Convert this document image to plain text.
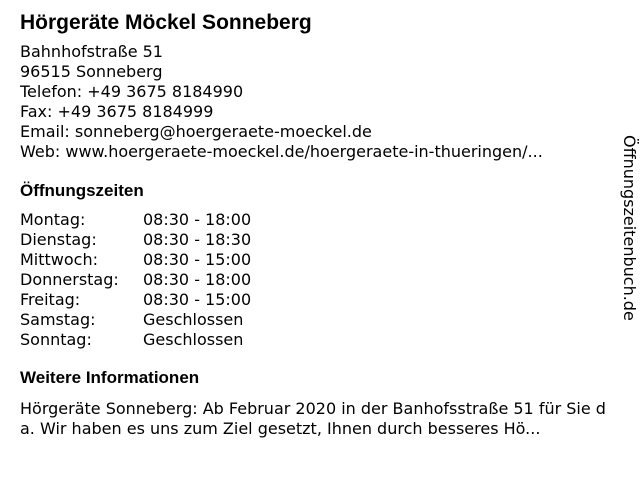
Hörgeräte Möckel Sonneberg
Bahnhofstraße 51
96515 Sonneberg
Telefon: +49 3675 8184990
Fax: +49 3675 8184999
Email: sonneberg@hoergeraete-moeckel.de
Web: www.hoergeraete-moeckel.de/hoergeraete-in-thueringen/...
Öffnungszeiten
Montag:	08:30 - 18:00
Dienstag:	08:30 - 18:30
Mittwoch:	08:30 - 15:00
Donnerstag:	08:30 - 18:00
Freitag:	08:30 - 15:00
Samstag:	Geschlossen
Sonntag:	Geschlossen
Weitere Informationen
Hörgeräte Sonneberg: Ab Februar 2020 in der Banhofsstraße 51 für Sie da. Wir haben es uns zum Ziel gesetzt, Ihnen durch besseres Hö...
Öffnungszeitenbuch.de
